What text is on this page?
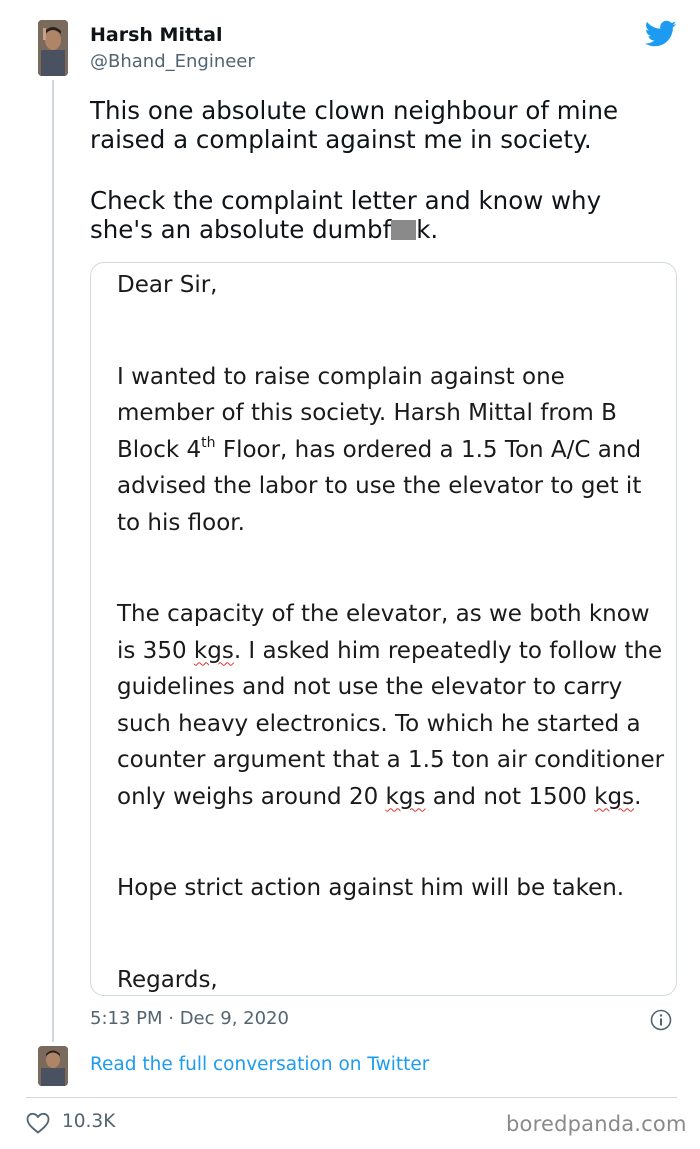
Harsh Mittal
@Bhand_Engineer

This one absolute clown neighbour of mine raised a complaint against me in society.

Check the complaint letter and know why she's an absolute dumbf k.

Dear Sir,

I wanted to raise complain against one member of this society. Harsh Mittal from B Block 4th Floor, has ordered a 1.5 Ton A/C and advised the labor to use the elevator to get it to his floor.

The capacity of the elevator, as we both know is 350 kgs. I asked him repeatedly to follow the guidelines and not use the elevator to carry such heavy electronics. To which he started a counter argument that a 1.5 ton air conditioner only weighs around 20 kgs and not 1500 kgs.

Hope strict action against him will be taken.

Regards,

5:13 PM · Dec 9, 2020
Read the full conversation on Twitter
10.3K	boredpanda.com
